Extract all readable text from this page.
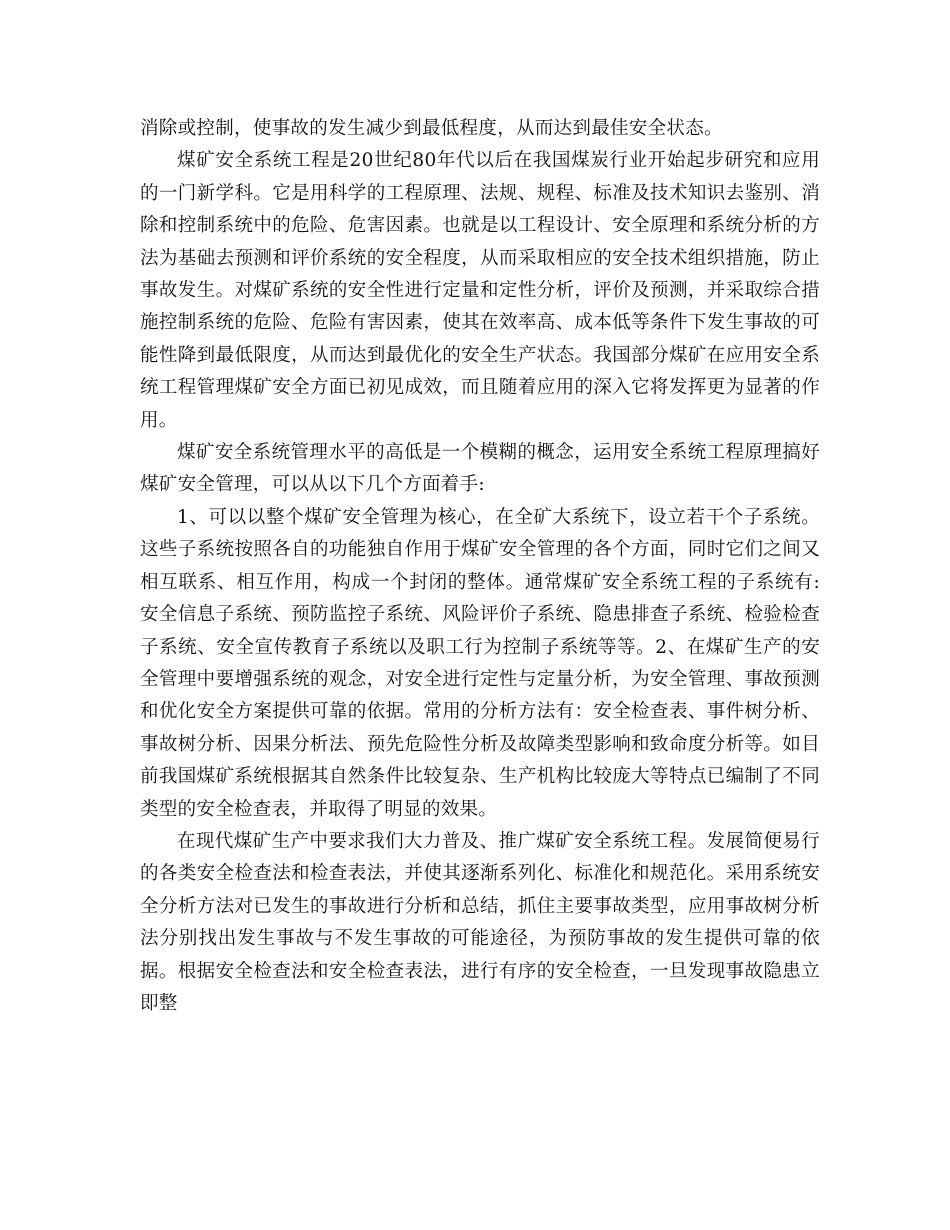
消除或控制，使事故的发生减少到最低程度，从而达到最佳安全状态。

煤矿安全系统工程是20世纪80年代以后在我国煤炭行业开始起步研究和应用的一门新学科。它是用科学的工程原理、法规、规程、标准及技术知识去鉴别、消除和控制系统中的危险、危害因素。也就是以工程设计、安全原理和系统分析的方法为基础去预测和评价系统的安全程度，从而采取相应的安全技术组织措施，防止事故发生。对煤矿系统的安全性进行定量和定性分析，评价及预测，并采取综合措施控制系统的危险、危险有害因素，使其在效率高、成本低等条件下发生事故的可能性降到最低限度，从而达到最优化的安全生产状态。我国部分煤矿在应用安全系统工程管理煤矿安全方面已初见成效，而且随着应用的深入它将发挥更为显著的作用。

煤矿安全系统管理水平的高低是一个模糊的概念，运用安全系统工程原理搞好煤矿安全管理，可以从以下几个方面着手:

1、可以以整个煤矿安全管理为核心，在全矿大系统下，设立若干个子系统。这些子系统按照各自的功能独自作用于煤矿安全管理的各个方面，同时它们之间又相互联系、相互作用，构成一个封闭的整体。通常煤矿安全系统工程的子系统有:安全信息子系统、预防监控子系统、风险评价子系统、隐患排查子系统、检验检查子系统、安全宣传教育子系统以及职工行为控制子系统等等。2、在煤矿生产的安全管理中要增强系统的观念，对安全进行定性与定量分析，为安全管理、事故预测和优化安全方案提供可靠的依据。常用的分析方法有：安全检查表、事件树分析、事故树分析、因果分析法、预先危险性分析及故障类型影响和致命度分析等。如目前我国煤矿系统根据其自然条件比较复杂、生产机构比较庞大等特点已编制了不同类型的安全检查表，并取得了明显的效果。

在现代煤矿生产中要求我们大力普及、推广煤矿安全系统工程。发展简便易行的各类安全检查法和检查表法，并使其逐渐系列化、标准化和规范化。采用系统安全分析方法对已发生的事故进行分析和总结，抓住主要事故类型，应用事故树分析法分别找出发生事故与不发生事故的可能途径，为预防事故的发生提供可靠的依据。根据安全检查法和安全检查表法，进行有序的安全检查，一旦发现事故隐患立即整
